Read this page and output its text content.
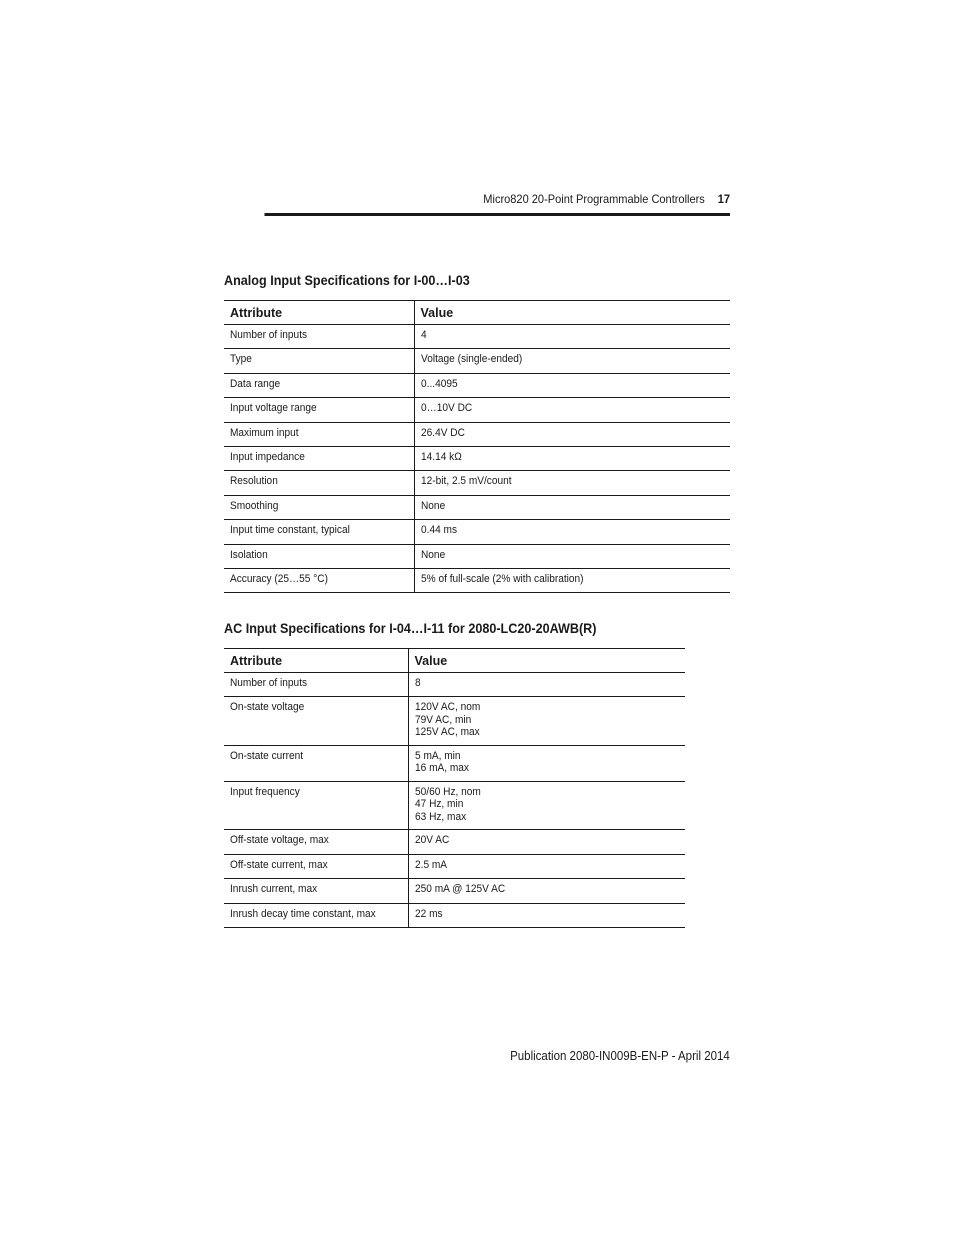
Micro820 20-Point Programmable Controllers 17
Analog Input Specifications for I-00…I-03
Attribute	Value
Number of inputs	4

Type	Voltage (single-ended)

Data range	0...4095

Input voltage range	0…10V DC

Maximum input	26.4V DC

Input impedance	14.14 kΩ

Resolution	12-bit, 2.5 mV/count

Smoothing	None

Input time constant, typical	0.44 ms

Isolation	None

Accuracy (25…55 °C)	5% of full-scale (2% with calibration)
AC Input Specifications for I-04…I-11 for 2080-LC20-20AWB(R)
Attribute	Value
Number of inputs	8

On-state voltage	120V AC, nom
79V AC, min
125V AC, max

On-state current	5 mA, min
16 mA, max

Input frequency	50/60 Hz, nom
47 Hz, min
63 Hz, max

Off-state voltage, max	20V AC

Off-state current, max	2.5 mA

Inrush current, max	250 mA @ 125V AC

Inrush decay time constant, max	22 ms
Publication 2080-IN009B-EN-P - April 2014
